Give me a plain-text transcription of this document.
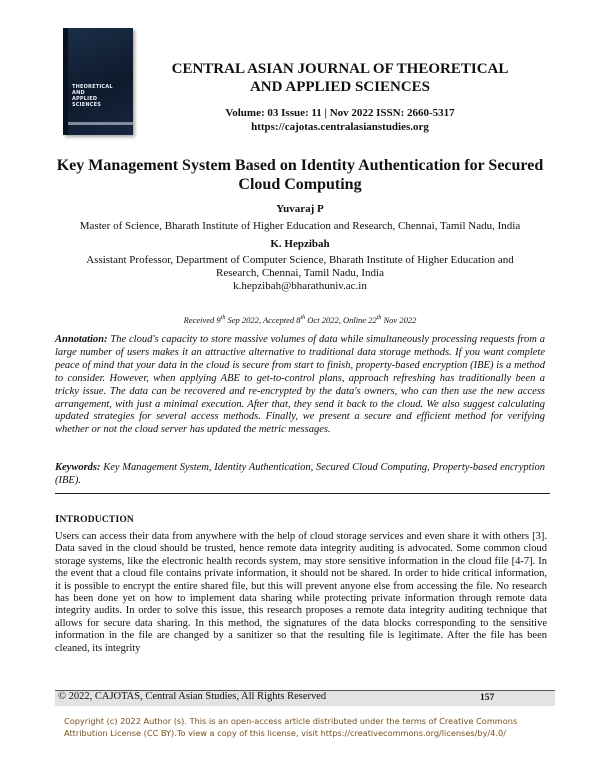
THEORETICAL
AND
APPLIED
SCIENCES
CENTRAL ASIAN JOURNAL OF THEORETICAL
AND APPLIED SCIENCES
Volume: 03 Issue: 11 | Nov 2022 ISSN: 2660-5317
https://cajotas.centralasianstudies.org
Key Management System Based on Identity Authentication for Secured
Cloud Computing
Yuvaraj P
Master of Science, Bharath Institute of Higher Education and Research, Chennai, Tamil Nadu, India
K. Hepzibah
Assistant Professor, Department of Computer Science, Bharath Institute of Higher Education and
Research, Chennai, Tamil Nadu, India
k.hepzibah@bharathuniv.ac.in
Received 9th Sep 2022, Accepted 8th Oct 2022, Online 22th Nov 2022
Annotation: The cloud's capacity to store massive volumes of data while simultaneously processing requests from a large number of users makes it an attractive alternative to traditional data storage methods. If you want complete peace of mind that your data in the cloud is secure from start to finish, property-based encryption (IBE) is a method to consider. However, when applying ABE to get-to-control plans, approach refreshing has traditionally been a tricky issue. The data can be recovered and re-encrypted by the data's owners, who can then use the new access arrangement, with just a minimal execution. After that, they send it back to the cloud. We also suggest calculating updated strategies for several access methods. Finally, we present a secure and efficient method for verifying whether or not the cloud server has updated the metric messages.
Keywords: Key Management System, Identity Authentication, Secured Cloud Computing, Property-based encryption (IBE).
INTRODUCTION
Users can access their data from anywhere with the help of cloud storage services and even share it with others [3]. Data saved in the cloud should be trusted, hence remote data integrity auditing is advocated. Some common cloud storage systems, like the electronic health records system, may store sensitive information in the cloud file [4-7]. In the event that a cloud file contains private information, it should not be shared. In order to hide critical information, it is possible to encrypt the entire shared file, but this will prevent anyone else from accessing the file. No research has been done yet on how to implement data sharing while protecting private information through remote data integrity audits. In order to solve this issue, this research proposes a remote data integrity auditing technique that allows for secure data sharing. In this method, the signatures of the data blocks corresponding to the sensitive information in the file are changed by a sanitizer so that the resulting file is legitimate. After the file has been cleaned, its integrity
© 2022, CAJOTAS, Central Asian Studies, All Rights Reserved	157
Copyright (c) 2022 Author (s). This is an open-access article distributed under the terms of Creative Commons
Attribution License (CC BY).To view a copy of this license, visit https://creativecommons.org/licenses/by/4.0/
